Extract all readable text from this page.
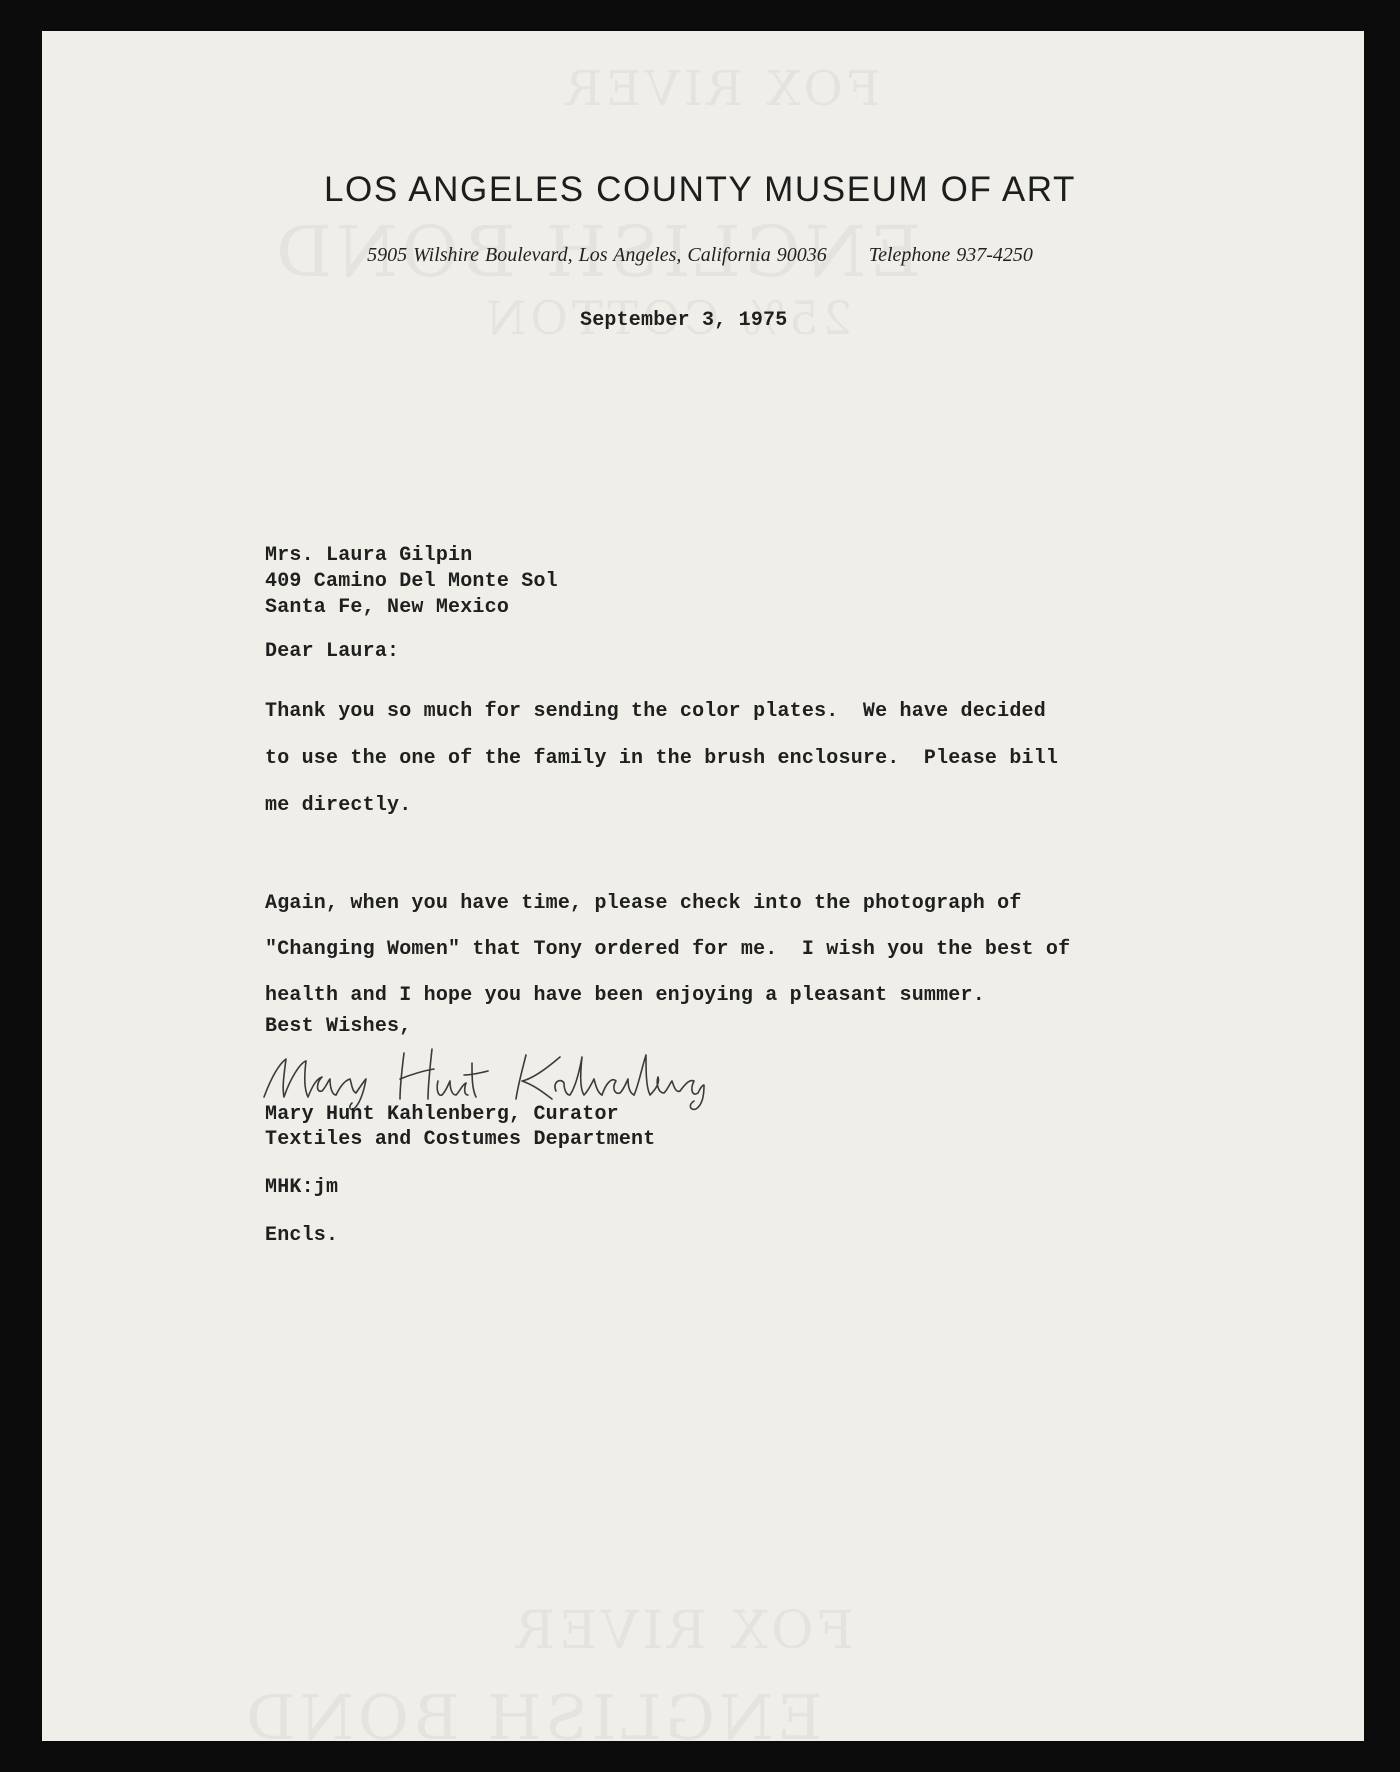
LOS ANGELES COUNTY MUSEUM OF ART
5905 Wilshire Boulevard, Los Angeles, California 90036 Telephone 937-4250
September 3, 1975
Mrs. Laura Gilpin
409 Camino Del Monte Sol
Santa Fe, New Mexico
Dear Laura:
Thank you so much for sending the color plates.  We have decided
to use the one of the family in the brush enclosure.  Please bill
me directly.
Again, when you have time, please check into the photograph of
"Changing Women" that Tony ordered for me.  I wish you the best of
health and I hope you have been enjoying a pleasant summer.
Best Wishes,
Mary Hunt Kahlenberg, Curator
Textiles and Costumes Department
MHK:jm
Encls.
